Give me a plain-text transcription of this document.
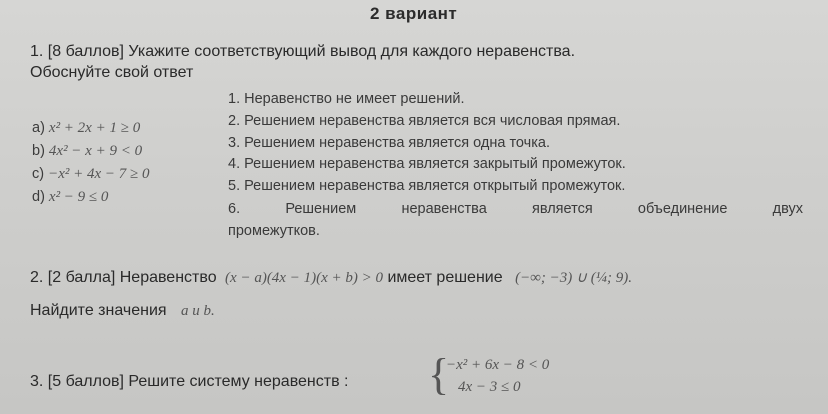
2 вариант
1. [8 баллов] Укажите соответствующий вывод для каждого неравенства.
Обоснуйте свой ответ
1. Неравенство не имеет решений.
2. Решением неравенства является вся числовая прямая.
3. Решением неравенства является одна точка.
4. Решением неравенства является закрытый промежуток.
5. Решением неравенства является открытый промежуток.
6. Решением неравенства является объединение двух
промежутков.
a) x² + 2x + 1 ≥ 0
b) 4x² − x + 9 < 0
c) −x² + 4x − 7 ≥ 0
d) x² − 9 ≤ 0
2. [2 балла] Неравенство (x − a)(4x − 1)(x + b) > 0 имеет решение (−∞; −3) ∪ (¼; 9).
Найдите значения a и b.
3. [5 баллов] Решите систему неравенств : {
−x² + 6x − 8 < 0
4x − 3 ≤ 0
